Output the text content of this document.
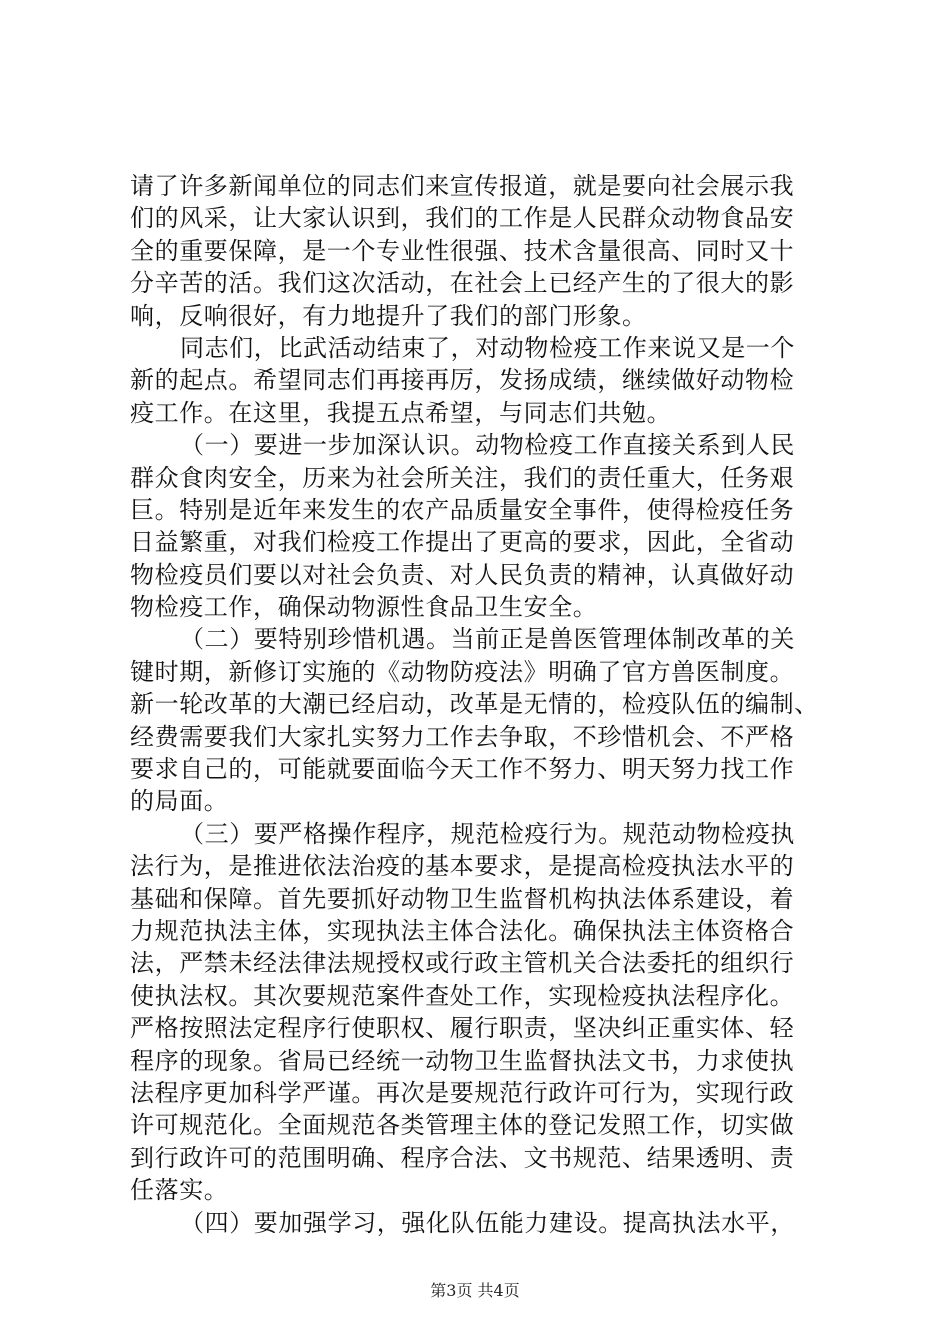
请了许多新闻单位的同志们来宣传报道，就是要向社会展示我
们的风采，让大家认识到，我们的工作是人民群众动物食品安
全的重要保障，是一个专业性很强、技术含量很高、同时又十
分辛苦的活。我们这次活动，在社会上已经产生的了很大的影
响，反响很好，有力地提升了我们的部门形象。
同志们，比武活动结束了，对动物检疫工作来说又是一个
新的起点。希望同志们再接再厉，发扬成绩，继续做好动物检
疫工作。在这里，我提五点希望，与同志们共勉。
（一）要进一步加深认识。动物检疫工作直接关系到人民
群众食肉安全，历来为社会所关注，我们的责任重大，任务艰
巨。特别是近年来发生的农产品质量安全事件，使得检疫任务
日益繁重，对我们检疫工作提出了更高的要求，因此，全省动
物检疫员们要以对社会负责、对人民负责的精神，认真做好动
物检疫工作，确保动物源性食品卫生安全。
（二）要特别珍惜机遇。当前正是兽医管理体制改革的关
键时期，新修订实施的《动物防疫法》明确了官方兽医制度。
新一轮改革的大潮已经启动，改革是无情的，检疫队伍的编制、
经费需要我们大家扎实努力工作去争取，不珍惜机会、不严格
要求自己的，可能就要面临今天工作不努力、明天努力找工作
的局面。
（三）要严格操作程序，规范检疫行为。规范动物检疫执
法行为，是推进依法治疫的基本要求，是提高检疫执法水平的
基础和保障。首先要抓好动物卫生监督机构执法体系建设，着
力规范执法主体，实现执法主体合法化。确保执法主体资格合
法，严禁未经法律法规授权或行政主管机关合法委托的组织行
使执法权。其次要规范案件查处工作，实现检疫执法程序化。
严格按照法定程序行使职权、履行职责，坚决纠正重实体、轻
程序的现象。省局已经统一动物卫生监督执法文书，力求使执
法程序更加科学严谨。再次是要规范行政许可行为，实现行政
许可规范化。全面规范各类管理主体的登记发照工作，切实做
到行政许可的范围明确、程序合法、文书规范、结果透明、责
任落实。
（四）要加强学习，强化队伍能力建设。提高执法水平，
第3页 共4页
